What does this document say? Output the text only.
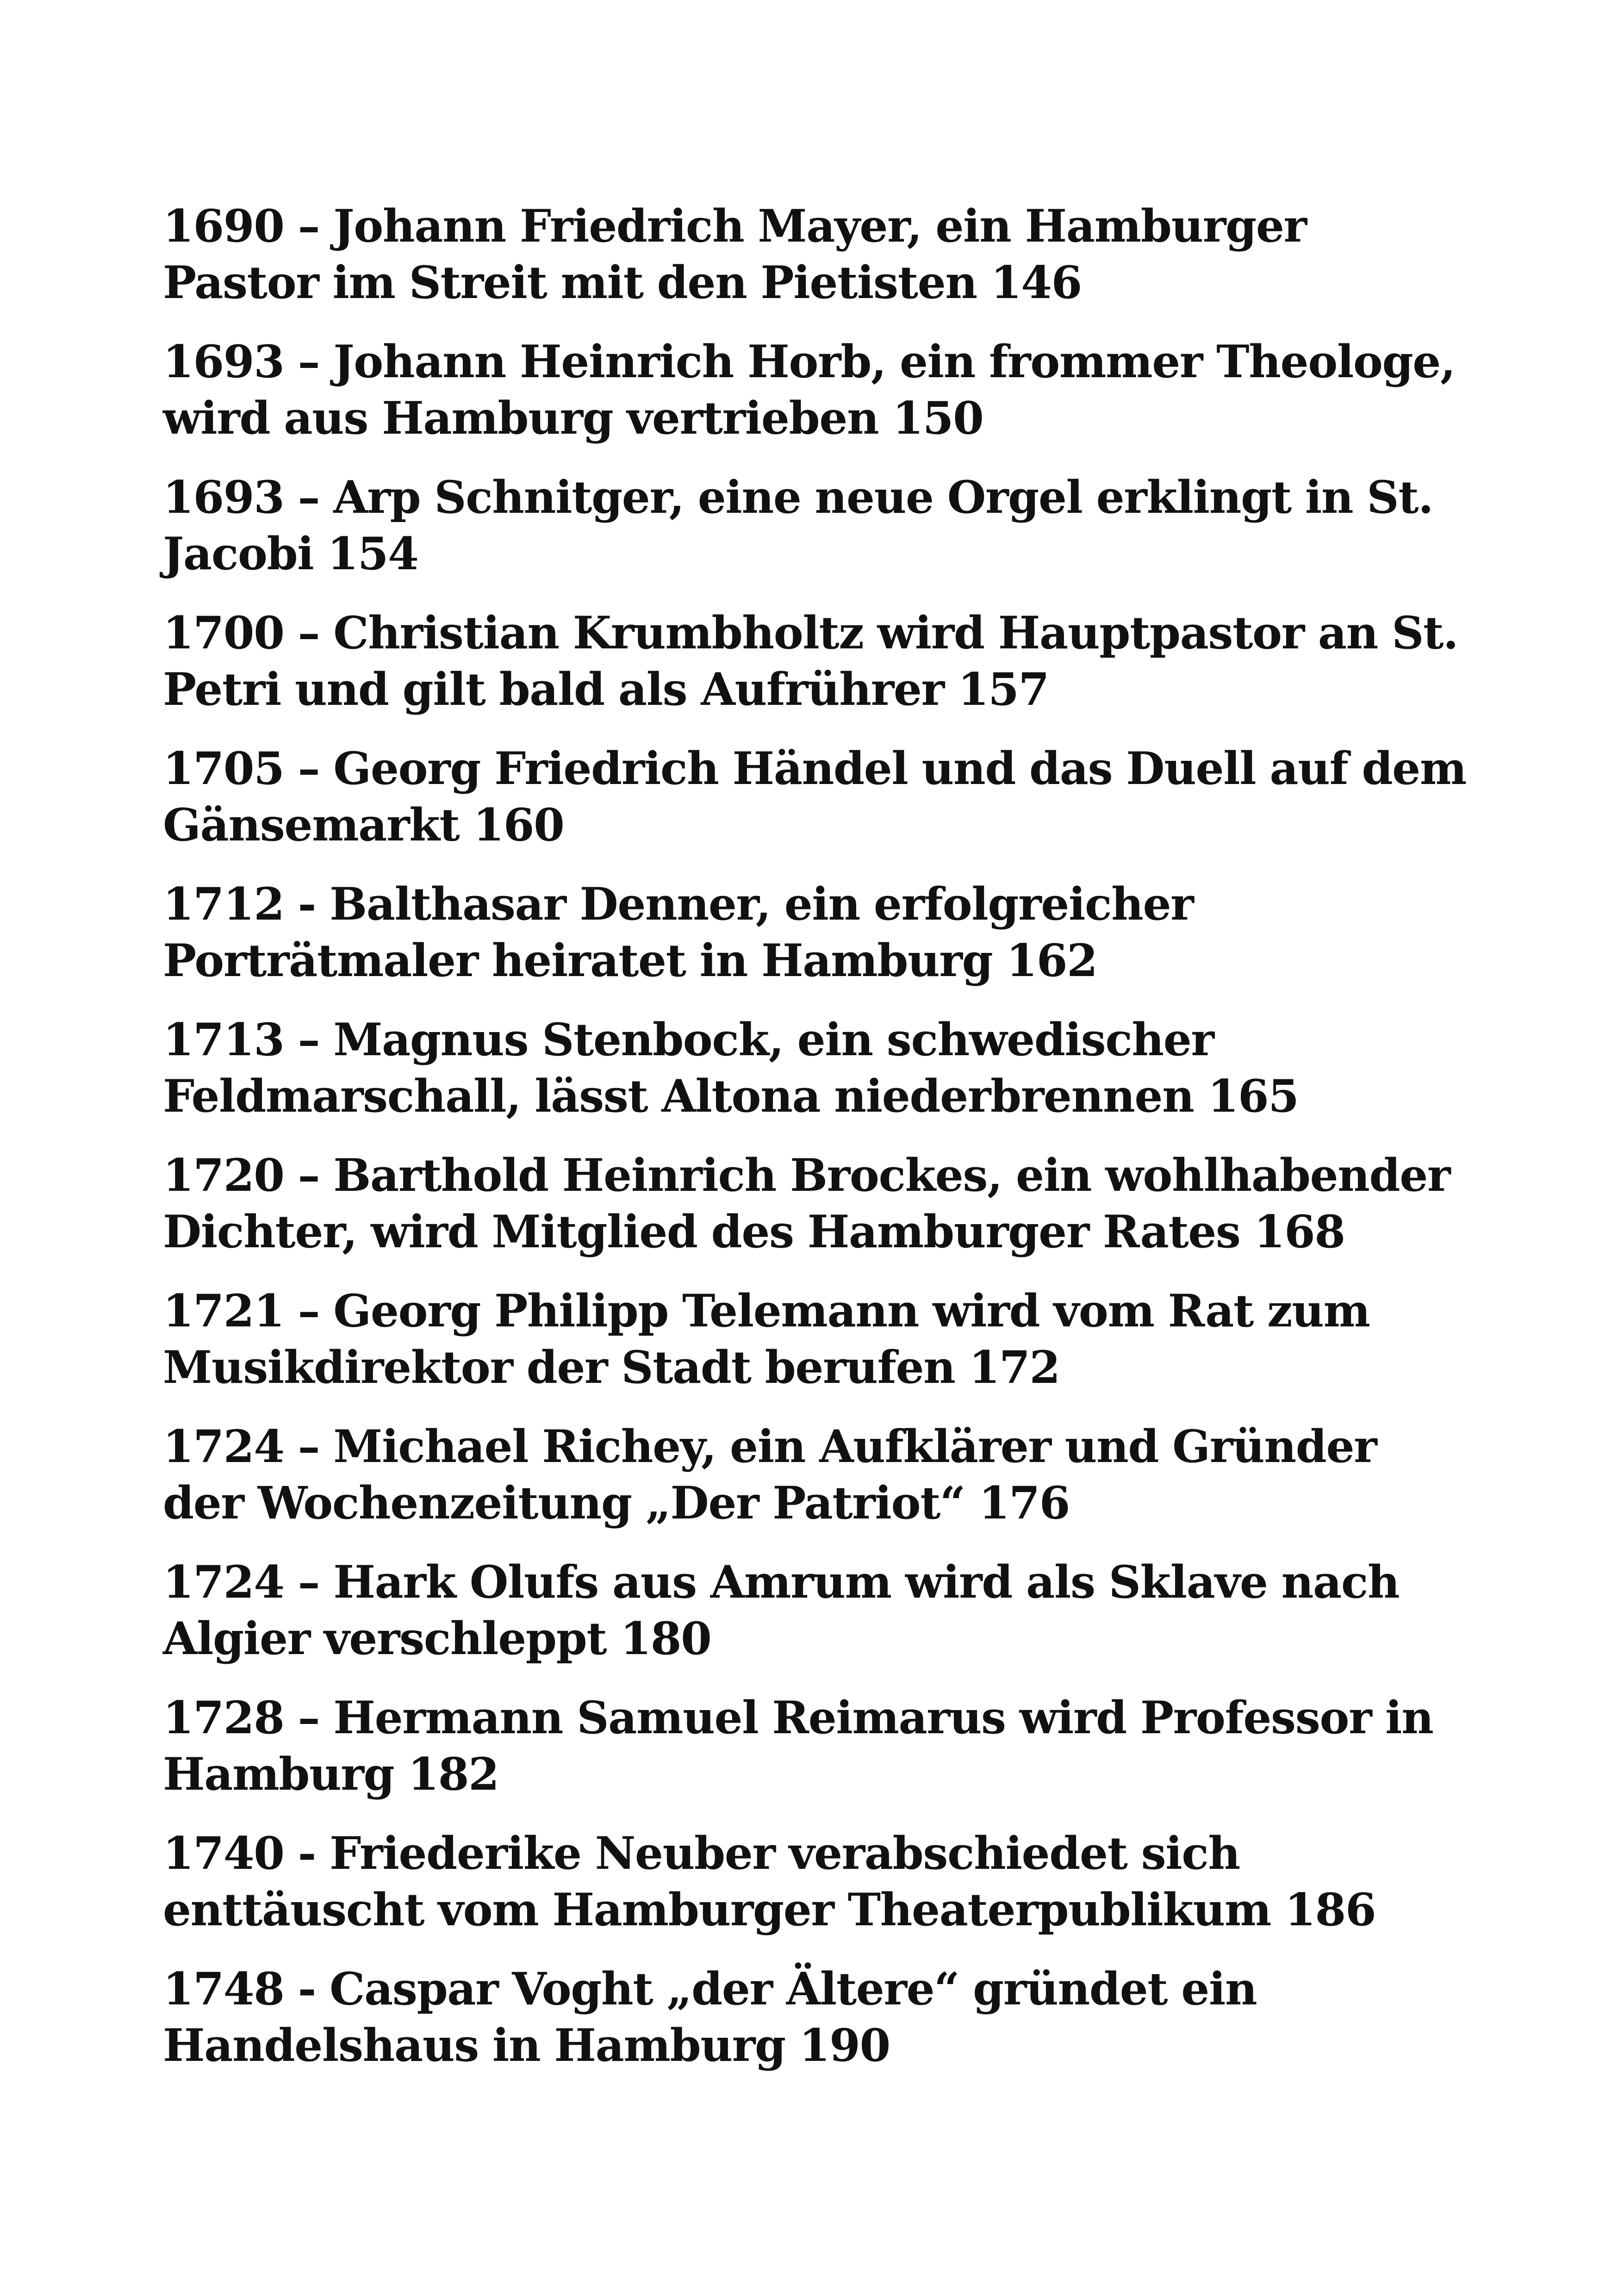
1690 – Johann Friedrich Mayer, ein Hamburger Pastor im Streit mit den Pietisten 146

1693 – Johann Heinrich Horb, ein frommer Theologe, wird aus Hamburg vertrieben 150

1693 – Arp Schnitger, eine neue Orgel erklingt in St. Jacobi 154

1700 – Christian Krumbholtz wird Hauptpastor an St. Petri und gilt bald als Aufrührer 157

1705 – Georg Friedrich Händel und das Duell auf dem Gänsemarkt 160

1712 - Balthasar Denner, ein erfolgreicher Porträtmaler heiratet in Hamburg 162

1713 – Magnus Stenbock, ein schwedischer Feldmarschall, lässt Altona niederbrennen 165

1720 – Barthold Heinrich Brockes, ein wohlhabender Dichter, wird Mitglied des Hamburger Rates 168

1721 – Georg Philipp Telemann wird vom Rat zum Musikdirektor der Stadt berufen 172

1724 – Michael Richey, ein Aufklärer und Gründer der Wochenzeitung „Der Patriot“ 176

1724 – Hark Olufs aus Amrum wird als Sklave nach Algier verschleppt 180

1728 – Hermann Samuel Reimarus wird Professor in Hamburg 182

1740 - Friederike Neuber verabschiedet sich enttäuscht vom Hamburger Theaterpublikum 186

1748 - Caspar Voght „der Ältere“ gründet ein Handelshaus in Hamburg 190
